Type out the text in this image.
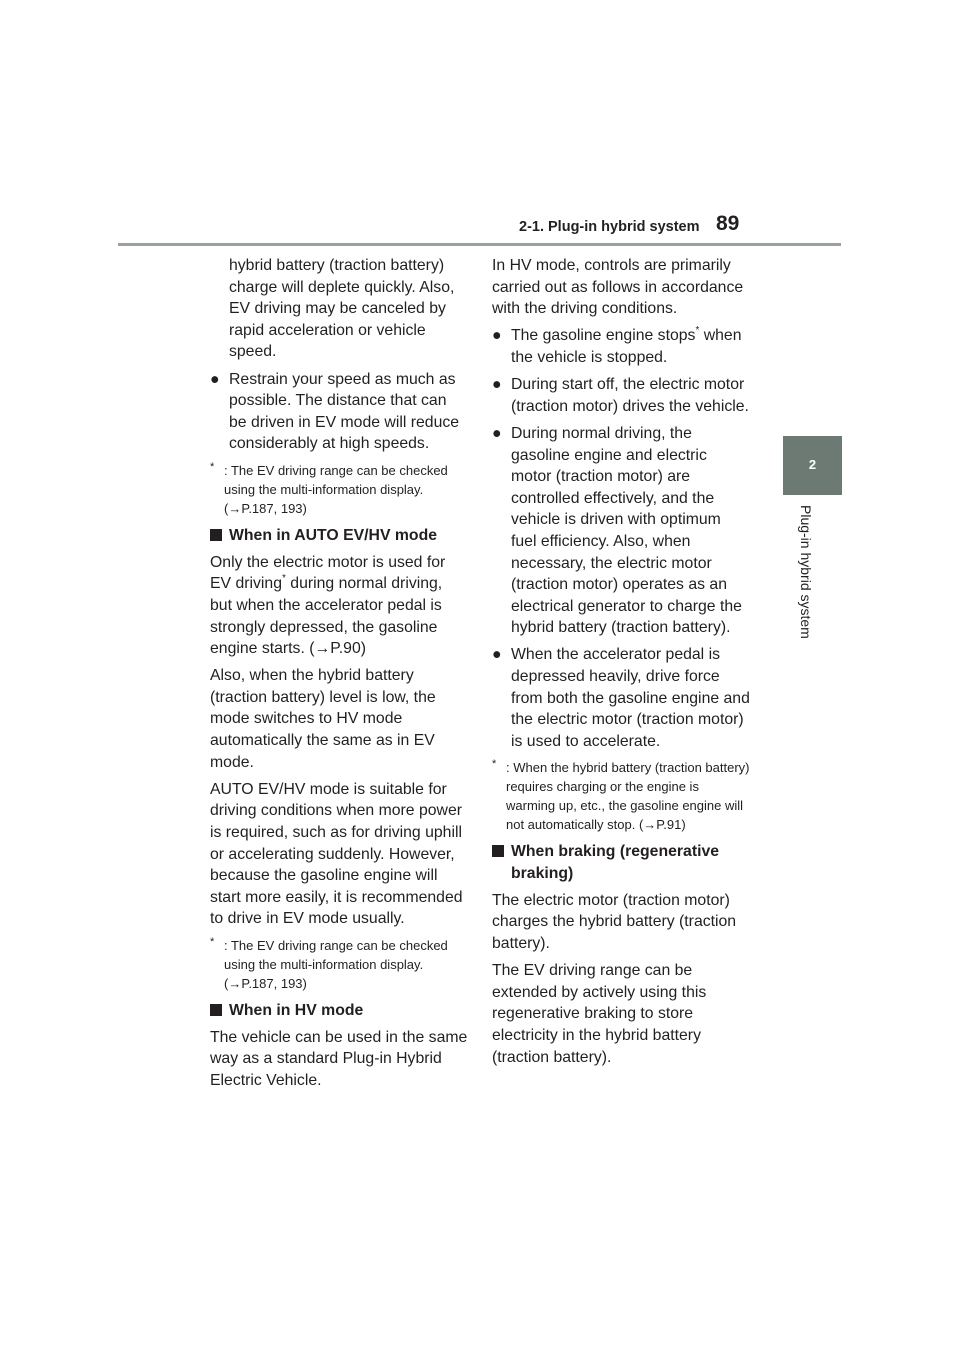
2-1. Plug-in hybrid system 89
2
Plug-in hybrid system

hybrid battery (traction battery) charge will deplete quickly. Also, EV driving may be canceled by rapid acceleration or vehicle speed.

● Restrain your speed as much as possible. The distance that can be driven in EV mode will reduce considerably at high speeds.
* : The EV driving range can be checked using the multi-information display. (→P.187, 193)
When in AUTO EV/HV mode

Only the electric motor is used for EV driving* during normal driving, but when the accelerator pedal is strongly depressed, the gasoline engine starts. (→P.90)

Also, when the hybrid battery (traction battery) level is low, the mode switches to HV mode automatically the same as in EV mode.

AUTO EV/HV mode is suitable for driving conditions when more power is required, such as for driving uphill or accelerating suddenly. However, because the gasoline engine will start more easily, it is recommended to drive in EV mode usually.

* : The EV driving range can be checked using the multi-information display. (→P.187, 193)
When in HV mode

The vehicle can be used in the same way as a standard Plug-in Hybrid Electric Vehicle.

In HV mode, controls are primarily carried out as follows in accordance with the driving conditions.

● The gasoline engine stops* when the vehicle is stopped.
● During start off, the electric motor (traction motor) drives the vehicle.
● During normal driving, the gasoline engine and electric motor (traction motor) are controlled effectively, and the vehicle is driven with optimum fuel efficiency. Also, when necessary, the electric motor (traction motor) operates as an electrical generator to charge the hybrid battery (traction battery).
● When the accelerator pedal is depressed heavily, drive force from both the gasoline engine and the electric motor (traction motor) is used to accelerate.
* : When the hybrid battery (traction battery) requires charging or the engine is warming up, etc., the gasoline engine will not automatically stop. (→P.91)
When braking (regenerative braking)

The electric motor (traction motor) charges the hybrid battery (traction battery).

The EV driving range can be extended by actively using this regenerative braking to store electricity in the hybrid battery (traction battery).
